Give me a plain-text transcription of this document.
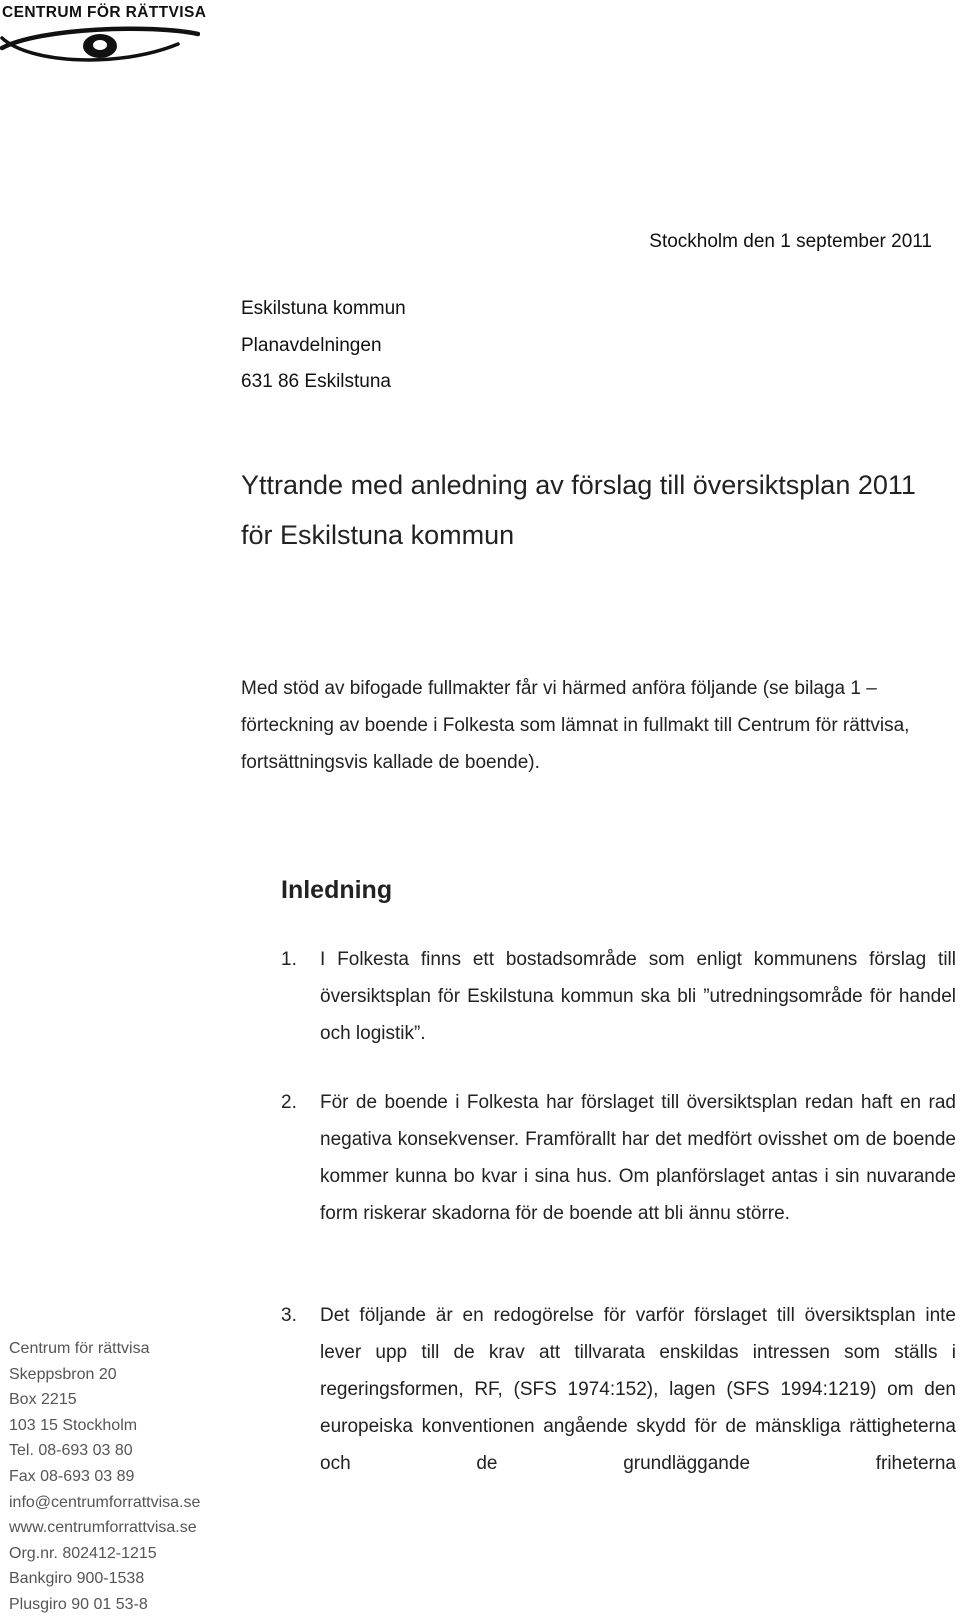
CENTRUM FÖR RÄTTVISA
Stockholm den 1 september 2011
Eskilstuna kommun
Planavdelningen
631 86 Eskilstuna
Yttrande med anledning av förslag till översiktsplan 2011 för Eskilstuna kommun
Med stöd av bifogade fullmakter får vi härmed anföra följande (se bilaga 1 – förteckning av boende i Folkesta som lämnat in fullmakt till Centrum för rättvisa, fortsättningsvis kallade de boende).
Inledning
1. I Folkesta finns ett bostadsområde som enligt kommunens förslag till översiktsplan för Eskilstuna kommun ska bli ”utredningsområde för handel och logistik”.
2. För de boende i Folkesta har förslaget till översiktsplan redan haft en rad negativa konsekvenser. Framförallt har det medfört ovisshet om de boende kommer kunna bo kvar i sina hus. Om planförslaget antas i sin nuvarande form riskerar skadorna för de boende att bli ännu större.
3. Det följande är en redogörelse för varför förslaget till översiktsplan inte lever upp till de krav att tillvarata enskildas intressen som ställs i regeringsformen, RF, (SFS 1974:152), lagen (SFS 1994:1219) om den europeiska konventionen angående skydd för de mänskliga rättigheterna och de grundläggande friheterna
Centrum för rättvisa
Skeppsbron 20
Box 2215
103 15 Stockholm
Tel. 08-693 03 80
Fax 08-693 03 89
info@centrumforrattvisa.se
www.centrumforrattvisa.se
Org.nr. 802412-1215
Bankgiro 900-1538
Plusgiro 90 01 53-8
